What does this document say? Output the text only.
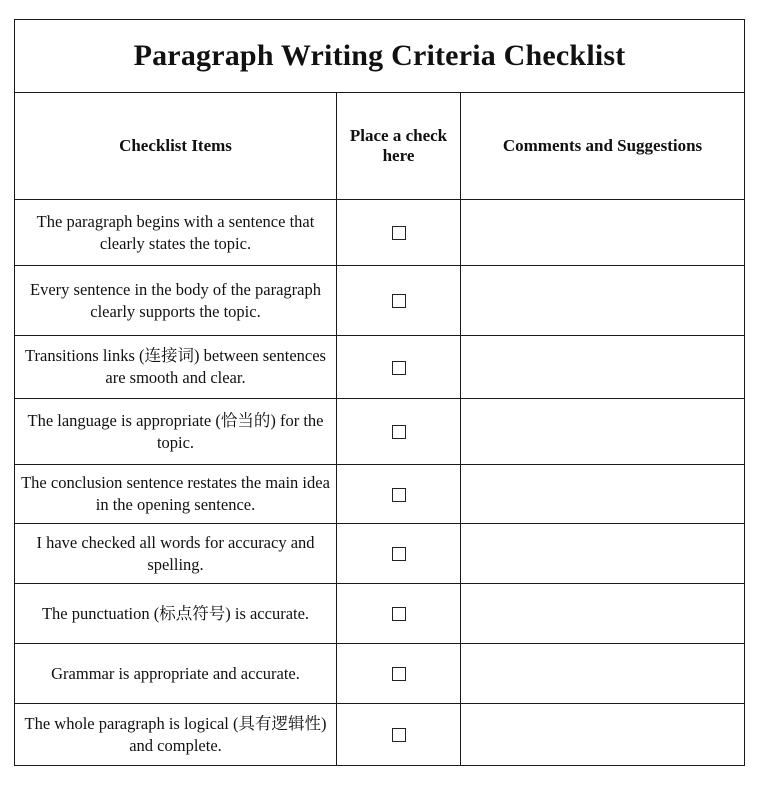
Paragraph Writing Criteria Checklist		
Checklist Items	Place a check here	Comments and Suggestions
The paragraph begins with a sentence that clearly states the topic.		
Every sentence in the body of the paragraph clearly supports the topic.		
Transitions links (连接词) between sentences are smooth and clear.		
The language is appropriate (恰当的) for the topic.		
The conclusion sentence restates the main idea in the opening sentence.		
I have checked all words for accuracy and spelling.		
The punctuation (标点符号) is accurate.		
Grammar is appropriate and accurate.		
The whole paragraph is logical (具有逻辑性) and complete.		
